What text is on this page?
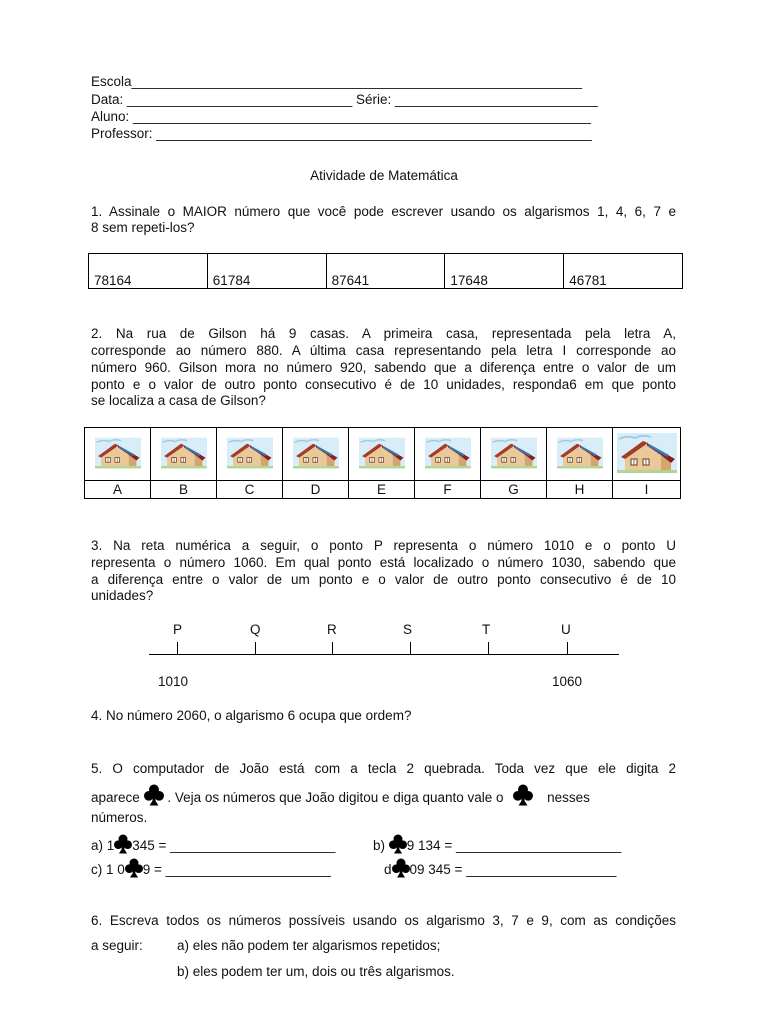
Escola____________________________________________________________
Data: ______________________________ Série: ___________________________
Aluno: _____________________________________________________________
Professor: __________________________________________________________
Atividade de Matemática
1. Assinale o MAIOR número que você pode escrever usando os algarismos 1, 4, 6, 7 e
8 sem repeti-los?
78164	61784	87641	17648	46781
2. Na rua de Gilson há 9 casas. A primeira casa, representada pela letra A,
corresponde ao número 880. A última casa representando pela letra I corresponde ao
número 960. Gilson mora no número 920, sabendo que a diferença entre o valor de um
ponto e o valor de outro ponto consecutivo é de 10 unidades, responda6 em que ponto
se localiza a casa de Gilson?

A	B	C	D	E	F	G	H	I
3. Na reta numérica a seguir, o ponto P representa o número 1010 e o ponto U
representa o número 1060. Em qual ponto está localizado o número 1030, sabendo que
a diferença entre o valor de um ponto e o valor de outro ponto consecutivo é de 10
unidades?
P	Q	R	S	T	U
1010	1060
4. No número 2060, o algarismo 6 ocupa que ordem?
5. O computador de João está com a tecla 2 quebrada. Toda vez que ele digita 2
aparece . Veja os números que João digitou e diga quanto vale o	nesses
números.
a) 1 345 = ______________________	b) 9 134 = ______________________
c) 1 0 9 = ______________________	d 09 345 = ____________________
6. Escreva todos os números possíveis usando os algarismo 3, 7 e 9, com as condições
a seguir:	a) eles não podem ter algarismos repetidos;
b) eles podem ter um, dois ou três algarismos.
